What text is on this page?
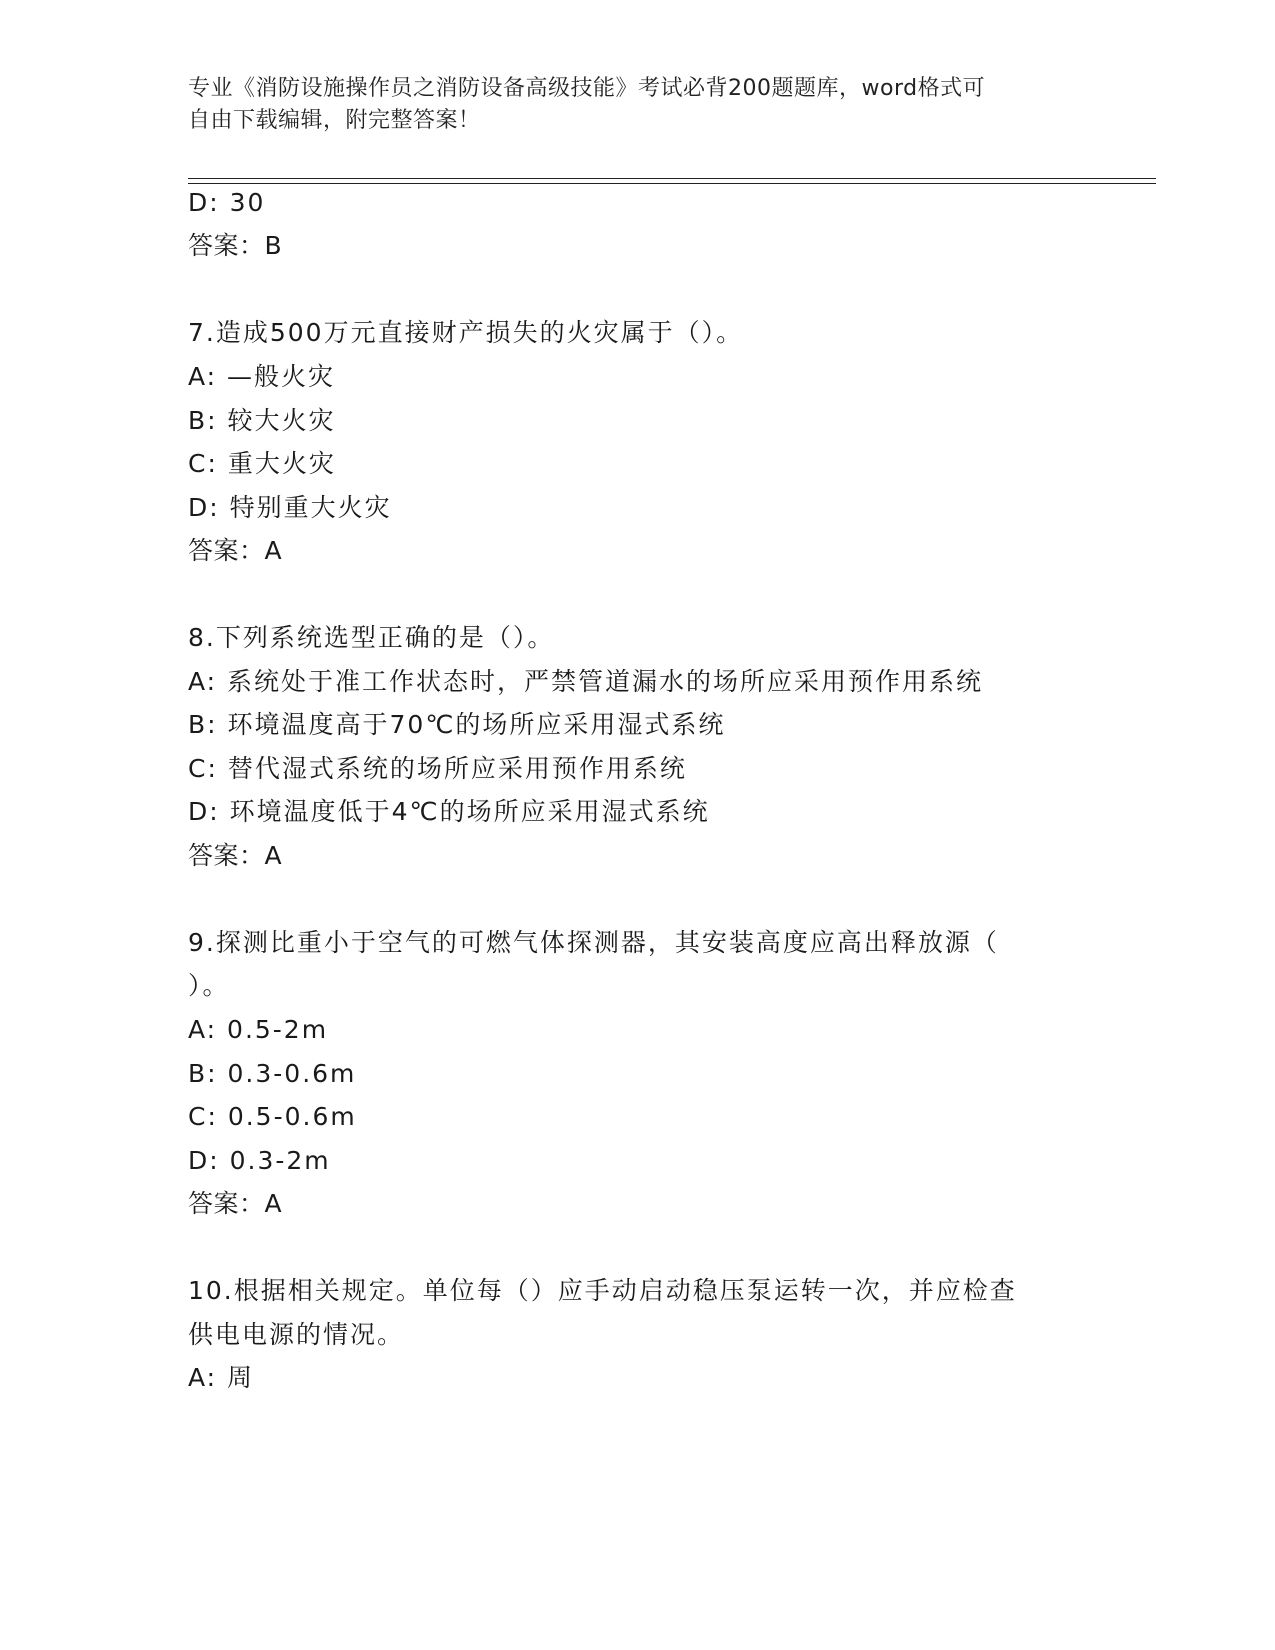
专业《消防设施操作员之消防设备高级技能》考试必背200题题库，word格式可
自由下载编辑，附完整答案！
D: 30
答案：B
7.造成500万元直接财产损失的火灾属于（）。
A: —般火灾
B: 较大火灾
C: 重大火灾
D: 特别重大火灾
答案：A
8.下列系统选型正确的是（）。
A: 系统处于准工作状态时，严禁管道漏水的场所应采用预作用系统
B: 环境温度高于70℃的场所应采用湿式系统
C: 替代湿式系统的场所应采用预作用系统
D: 环境温度低于4℃的场所应采用湿式系统
答案：A
9.探测比重小于空气的可燃气体探测器，其安装高度应高出释放源（
）。
A: 0.5-2m
B: 0.3-0.6m
C: 0.5-0.6m
D: 0.3-2m
答案：A
10.根据相关规定。单位每（）应手动启动稳压泵运转一次，并应检查
供电电源的情况。
A: 周
